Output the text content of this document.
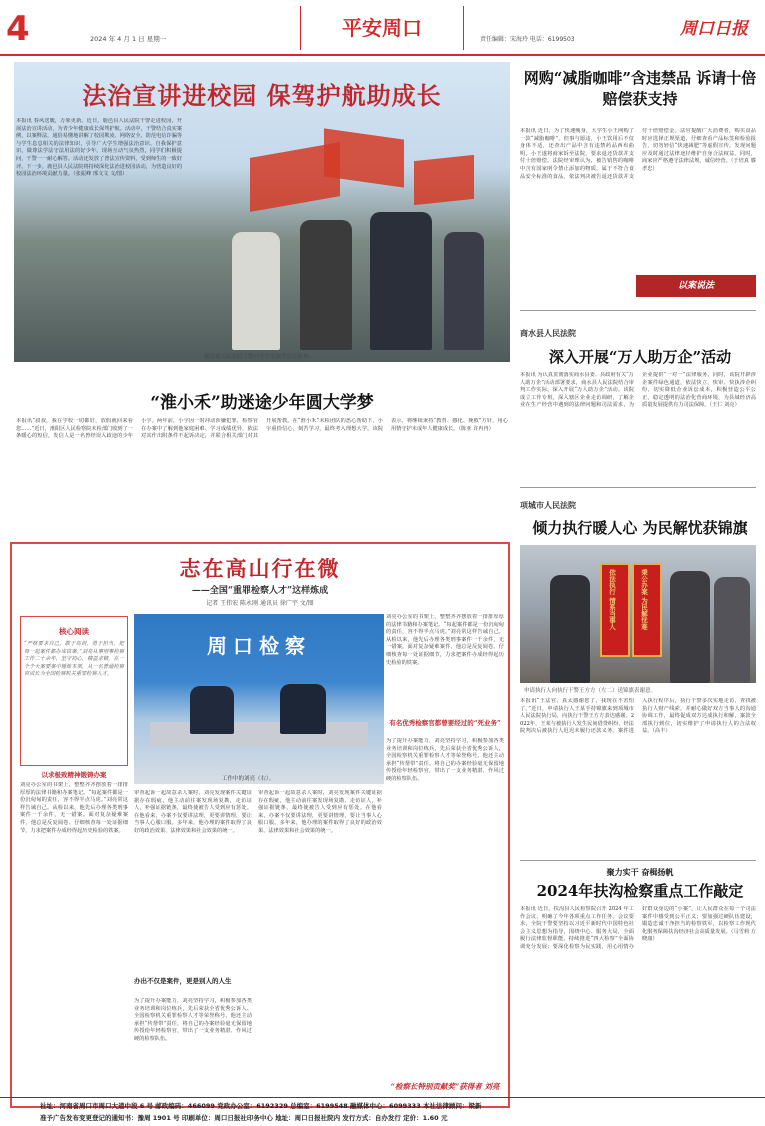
4	2024 年 4 月 1 日 星期一	平安周口	责任编辑：宋海玲 电话：6199503
周口日报
鹿邑县人民法院干警向学生发放普法宣传单。
法治宣讲进校园 保驾护航助成长
本报讯 春风送暖，万象更新。近日，鹿邑县人民法院干警走进校园，开展法治宣讲活动，为青少年健康成长保驾护航。活动中，干警结合真实案例，以案释法，通俗易懂地讲解了校园欺凌、网络安全、防范电信诈骗等与学生息息相关的法律知识，引导广大学生增强法治意识、自我保护意识，做尊法学法守法用法的好少年。现场互动气氛热烈，同学们积极提问，干警一一耐心解答。活动还发放了普法宣传资料，受到师生的一致好评。下一步，鹿邑县人民法院将持续深化法治进校园活动，为营造良好的校园法治环境贡献力量。（张振峰 邢文文 文/图）
网购“减脂咖啡”含违禁品 诉请十倍赔偿获支持
本报讯 近日，为了快速瘦身，大学生小王网购了一款“减脂咖啡”，但事与愿违，小王饮用后不仅身体不适，还查出产品中含有违禁药品西布曲明。小王遂将商家诉至法院，要求退还货款并支付十倍赔偿。法院经审理认为，被告销售的咖啡中含有国家明令禁止添加的物质，属于不符合食品安全标准的食品，依法判决被告退还货款并支付十倍赔偿金。法官提醒广大消费者，购买食品时应选择正规渠道，仔细查看产品标签和检验报告，切勿轻信“快速减肥”等虚假宣传，发现问题应及时通过法律途径维护自身合法权益。同时，商家应严格遵守法律法规，诚信经营。（于培真 滕孝忠）
以案说法
商水县人民法院
深入开展“万人助万企”活动
本报讯 为认真贯彻落实商水县委、县政府有关“万人助万企”活动部署要求，商水县人民法院结合审判工作实际，深入开展“万人助万企”活动。该院成立工作专班，深入辖区企业走访调研，了解企业在生产经营中遇到的法律问题和司法需求，为企业提供“一对一”法律服务。同时，该院开辟涉企案件绿色通道，依法快立、快审、快执涉企纠纷，切实降低企业诉讼成本，积极营造公平公正、稳定透明的法治化营商环境，为县域经济高质量发展提供有力司法保障。（王仁 刘亮）
项城市人民法院
倾力执行暖人心 为民解忧获锦旗
依法执行 情系当事人	秉公办案 为民解忧难
申请执行人向执行干警王方方（左二）送锦旗表谢意。
本报讯“王法官，真太感谢您了，我现在不害怕了。”近日，申请执行人王某手持锦旗来到项城市人民法院执行局，向执行干警王方方表达感谢。2022年，王某与被执行人发生民间借贷纠纷，经法院判决后被执行人迟迟未履行还款义务。案件进入执行程序后，执行干警多次实地走访，查找被执行人财产线索，并耐心做好双方当事人的沟通协调工作，最终促成双方达成执行和解，案款全部执行到位，切实维护了申请执行人的合法权益。（高丰）
聚力实干 奋楫扬帆
2024年扶沟检察重点工作敲定
本报讯 近日，扶沟县人民检察院召开 2024 年工作会议，明确了今年各项重点工作任务。会议要求，全院干警要坚持以习近平新时代中国特色社会主义思想为指导，围绕中心、服务大局，全面履行法律监督职能，持续推进“四大检察”全面协调充分发展；要深化检察为民实践，用心用情办好群众身边的“小案”，让人民群众在每一个司法案件中感受到公平正义；要加强过硬队伍建设，锻造忠诚干净担当的检察铁军，以检察工作现代化服务保障扶沟经济社会高质量发展。（马雪莉 方晓康）
“淮小禾”助迷途少年圆大学梦
本报讯“叔叔，我在学校一切都好，放假就回来看您……”近日，淮阳区人民检察院未检部门收到了一条暖心的短信，发信人是一名曾经误入歧途的少年小宇。两年前，小宇因一时冲动涉嫌犯罪，检察官在办案中了解到他家庭困难、学习成绩优异，依法对其作出附条件不起诉决定，并联合相关部门对其开展帮教。在“淮小禾”未检团队的悉心帮助下，小宇重拾信心，刻苦学习，最终考入理想大学。该院表示，将继续秉持“教育、感化、挽救”方针，用心用情守护未成年人健康成长。（陈亚 许冉冉）
志在高山行在微
——全国“重罪检察人才”这样炼成
记者 王伟宏 陈永刚 通讯员 徐广宇 文/图
核心阅读
“严格要求自己，敢于亮剑，勇于担当，把每一起案件都办成铁案。”刘亮从事刑事检察工作二十余年，坚守初心，精益求精，在一个个大案要案中锤炼本领，从一名普通检察官成长为全国检察机关重罪检察人才。
周口检察
工作中的刘亮（右）。
以求极致精神锻铸办案
刘亮办公室的书架上，整整齐齐摆放着一排排厚厚的法律书籍和办案笔记。“每起案件都是一份沉甸甸的责任，容不得半点马虎。”刘亮常这样告诫自己。从检以来，他先后办理各类刑事案件一千余件，无一错案。面对复杂疑难案件，他总是反复阅卷、仔细核查每一处证据细节，力求把案件办成经得起历史检验的铁案。
审查起诉一起故意杀人案时，刘亮发现案件关键证据存在瑕疵，他主动前往案发现场复勘，走访证人，补强证据链条，最终使被告人受到应有惩处。在他看来，办案不仅要讲法理，更要讲情理，要让当事人心服口服。多年来，他办理的案件取得了良好的政治效果、法律效果和社会效果的统一。
办出不仅是案件，更是别人的人生
为了提升办案能力，刘亮坚持学习，积极参加各类业务培训和岗位练兵，先后荣获全省优秀公诉人、全国检察机关重罪检察人才等荣誉称号。他还主动承担“传帮带”责任，将自己的办案经验毫无保留地传授给年轻检察官，带出了一支业务精湛、作风过硬的检察队伍。
审查起诉一起故意杀人案时，刘亮发现案件关键证据存在瑕疵，他主动前往案发现场复勘，走访证人，补强证据链条，最终使被告人受到应有惩处。在他看来，办案不仅要讲法理，更要讲情理，要让当事人心服口服。多年来，他办理的案件取得了良好的政治效果、法律效果和社会效果的统一。
刘亮办公室的书架上，整整齐齐摆放着一排排厚厚的法律书籍和办案笔记。“每起案件都是一份沉甸甸的责任，容不得半点马虎。”刘亮常这样告诫自己。从检以来，他先后办理各类刑事案件一千余件，无一错案。面对复杂疑难案件，他总是反复阅卷、仔细核查每一处证据细节，力求把案件办成经得起历史检验的铁案。
有名优秀检察官都曾要经过的“死业务”
为了提升办案能力，刘亮坚持学习，积极参加各类业务培训和岗位练兵，先后荣获全省优秀公诉人、全国检察机关重罪检察人才等荣誉称号。他还主动承担“传帮带”责任，将自己的办案经验毫无保留地传授给年轻检察官，带出了一支业务精湛、作风过硬的检察队伍。
“检察长特别贡献奖”获得者 刘亮
社址：河南省周口市周口大道中段 6 号 邮政编码：466099 党政办公室：6192329 总编室：6199548 融媒体中心：6099333 本社法律顾问：梁新
准予广告发布变更登记的通知书：豫周 1901 号 印刷单位：周口日报社印务中心 地址：周口日报社院内 发行方式：自办发行 定价：1.60 元
